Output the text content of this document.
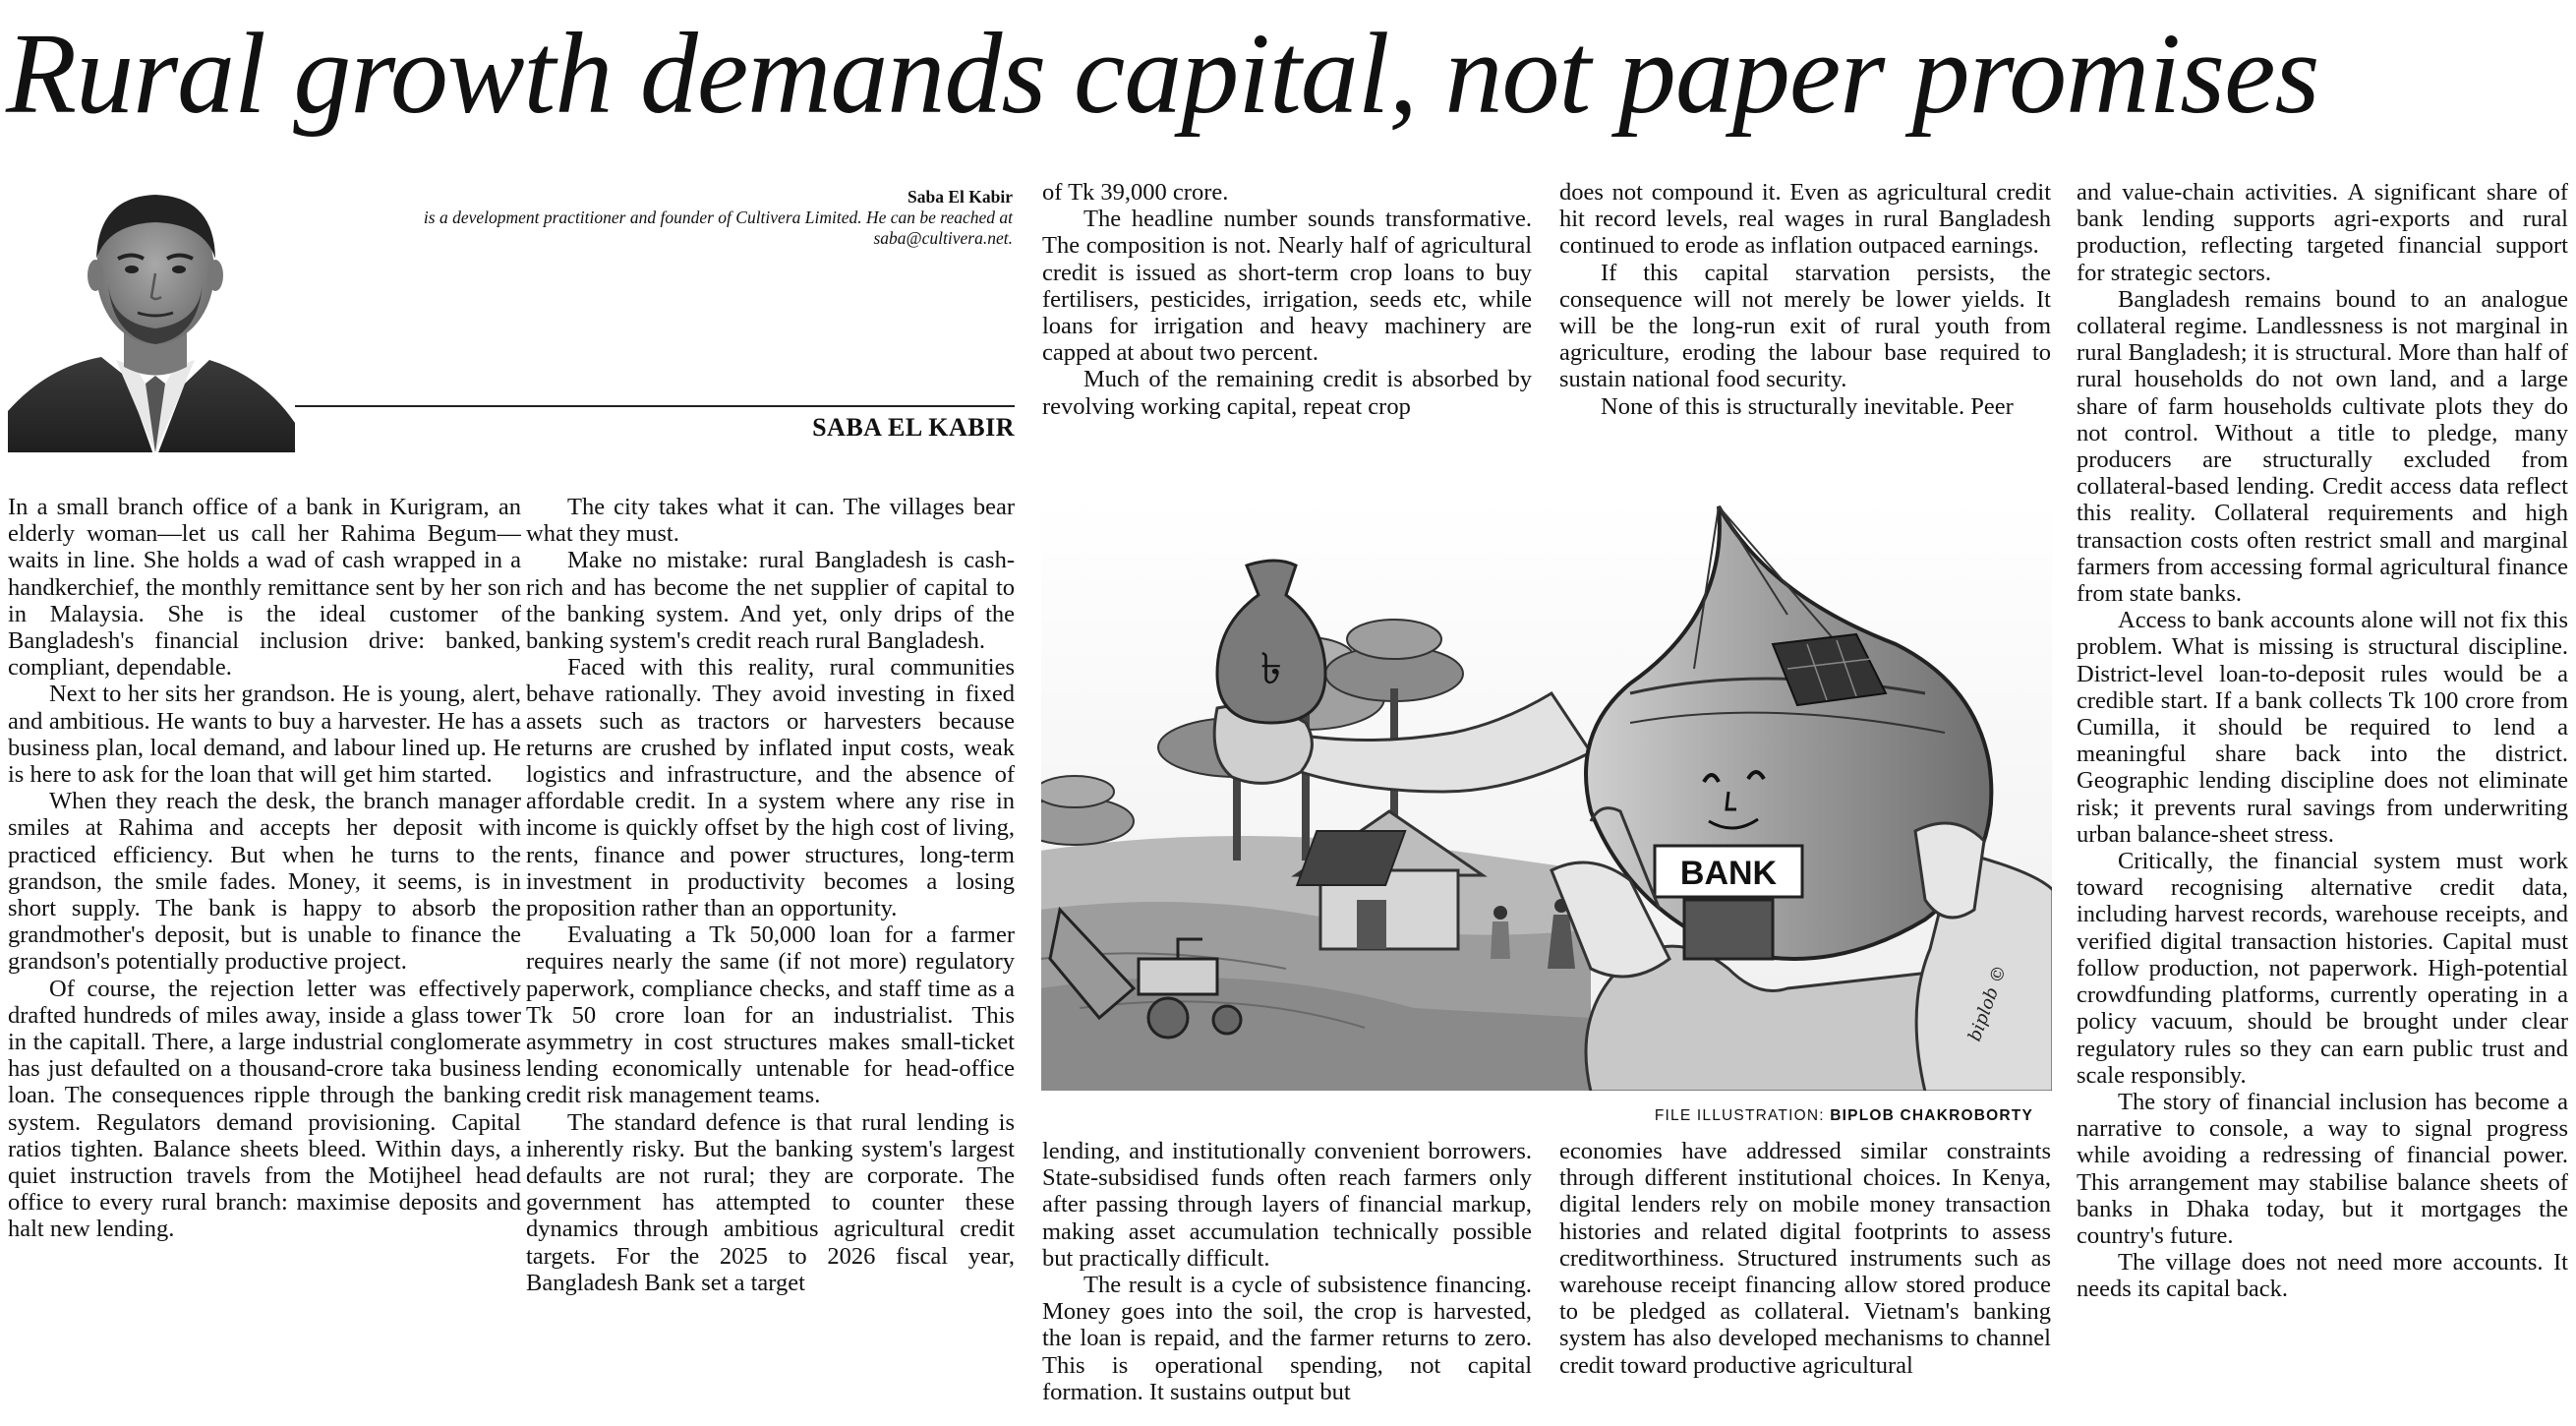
Rural growth demands capital, not paper promises
Saba El Kabir
is a development practitioner and founder of Cultivera Limited. He can be reached at saba@cultivera.net.
SABA EL KABIR

In a small branch office of a bank in Kurigram, an elderly woman—let us call her Rahima Begum—waits in line. She holds a wad of cash wrapped in a handkerchief, the monthly remittance sent by her son in Malaysia. She is the ideal customer of Bangladesh's financial inclusion drive: banked, compliant, dependable.

Next to her sits her grandson. He is young, alert, and ambitious. He wants to buy a harvester. He has a business plan, local demand, and labour lined up. He is here to ask for the loan that will get him started.

When they reach the desk, the branch manager smiles at Rahima and accepts her deposit with practiced efficiency. But when he turns to the grandson, the smile fades. Money, it seems, is in short supply. The bank is happy to absorb the grandmother's deposit, but is unable to finance the grandson's potentially productive project.

Of course, the rejection letter was effectively drafted hundreds of miles away, inside a glass tower in the capitall. There, a large industrial conglomerate has just defaulted on a thousand-crore taka business loan. The consequences ripple through the banking system. Regulators demand provisioning. Capital ratios tighten. Balance sheets bleed. Within days, a quiet instruction travels from the Motijheel head office to every rural branch: maximise deposits and halt new lending.

The city takes what it can. The villages bear what they must.

Make no mistake: rural Bangladesh is cash-rich and has become the net supplier of capital to the banking system. And yet, only drips of the banking system's credit reach rural Bangladesh.

Faced with this reality, rural communities behave rationally. They avoid investing in fixed assets such as tractors or harvesters because returns are crushed by inflated input costs, weak logistics and infrastructure, and the absence of affordable credit. In a system where any rise in income is quickly offset by the high cost of living, rents, finance and power structures, long-term investment in productivity becomes a losing proposition rather than an opportunity.

Evaluating a Tk 50,000 loan for a farmer requires nearly the same (if not more) regulatory paperwork, compliance checks, and staff time as a Tk 50 crore loan for an industrialist. This asymmetry in cost structures makes small-ticket lending economically untenable for head-office credit risk management teams.

The standard defence is that rural lending is inherently risky. But the banking system's largest defaults are not rural; they are corporate. The government has attempted to counter these dynamics through ambitious agricultural credit targets. For the 2025 to 2026 fiscal year, Bangladesh Bank set a target

of Tk 39,000 crore.

The headline number sounds transformative. The composition is not. Nearly half of agricultural credit is issued as short-term crop loans to buy fertilisers, pesticides, irrigation, seeds etc, while loans for irrigation and heavy machinery are capped at about two percent.

Much of the remaining credit is absorbed by revolving working capital, repeat crop

does not compound it. Even as agricultural credit hit record levels, real wages in rural Bangladesh continued to erode as inflation outpaced earnings.

If this capital starvation persists, the consequence will not merely be lower yields. It will be the long-run exit of rural youth from agriculture, eroding the labour base required to sustain national food security.

None of this is structurally inevitable. Peer

৳
BANK
biplob ©
FILE ILLUSTRATION: BIPLOB CHAKROBORTY

lending, and institutionally convenient borrowers. State-subsidised funds often reach farmers only after passing through layers of financial markup, making asset accumulation technically possible but practically difficult.

The result is a cycle of subsistence financing. Money goes into the soil, the crop is harvested, the loan is repaid, and the farmer returns to zero. This is operational spending, not capital formation. It sustains output but

economies have addressed similar constraints through different institutional choices. In Kenya, digital lenders rely on mobile money transaction histories and related digital footprints to assess creditworthiness. Structured instruments such as warehouse receipt financing allow stored produce to be pledged as collateral. Vietnam's banking system has also developed mechanisms to channel credit toward productive agricultural

and value-chain activities. A significant share of bank lending supports agri-exports and rural production, reflecting targeted financial support for strategic sectors.

Bangladesh remains bound to an analogue collateral regime. Landlessness is not marginal in rural Bangladesh; it is structural. More than half of rural households do not own land, and a large share of farm households cultivate plots they do not control. Without a title to pledge, many producers are structurally excluded from collateral-based lending. Credit access data reflect this reality. Collateral requirements and high transaction costs often restrict small and marginal farmers from accessing formal agricultural finance from state banks.

Access to bank accounts alone will not fix this problem. What is missing is structural discipline. District-level loan-to-deposit rules would be a credible start. If a bank collects Tk 100 crore from Cumilla, it should be required to lend a meaningful share back into the district. Geographic lending discipline does not eliminate risk; it prevents rural savings from underwriting urban balance-sheet stress.

Critically, the financial system must work toward recognising alternative credit data, including harvest records, warehouse receipts, and verified digital transaction histories. Capital must follow production, not paperwork. High-potential crowdfunding platforms, currently operating in a policy vacuum, should be brought under clear regulatory rules so they can earn public trust and scale responsibly.

The story of financial inclusion has become a narrative to console, a way to signal progress while avoiding a redressing of financial power. This arrangement may stabilise balance sheets of banks in Dhaka today, but it mortgages the country's future.

The village does not need more accounts. It needs its capital back.
